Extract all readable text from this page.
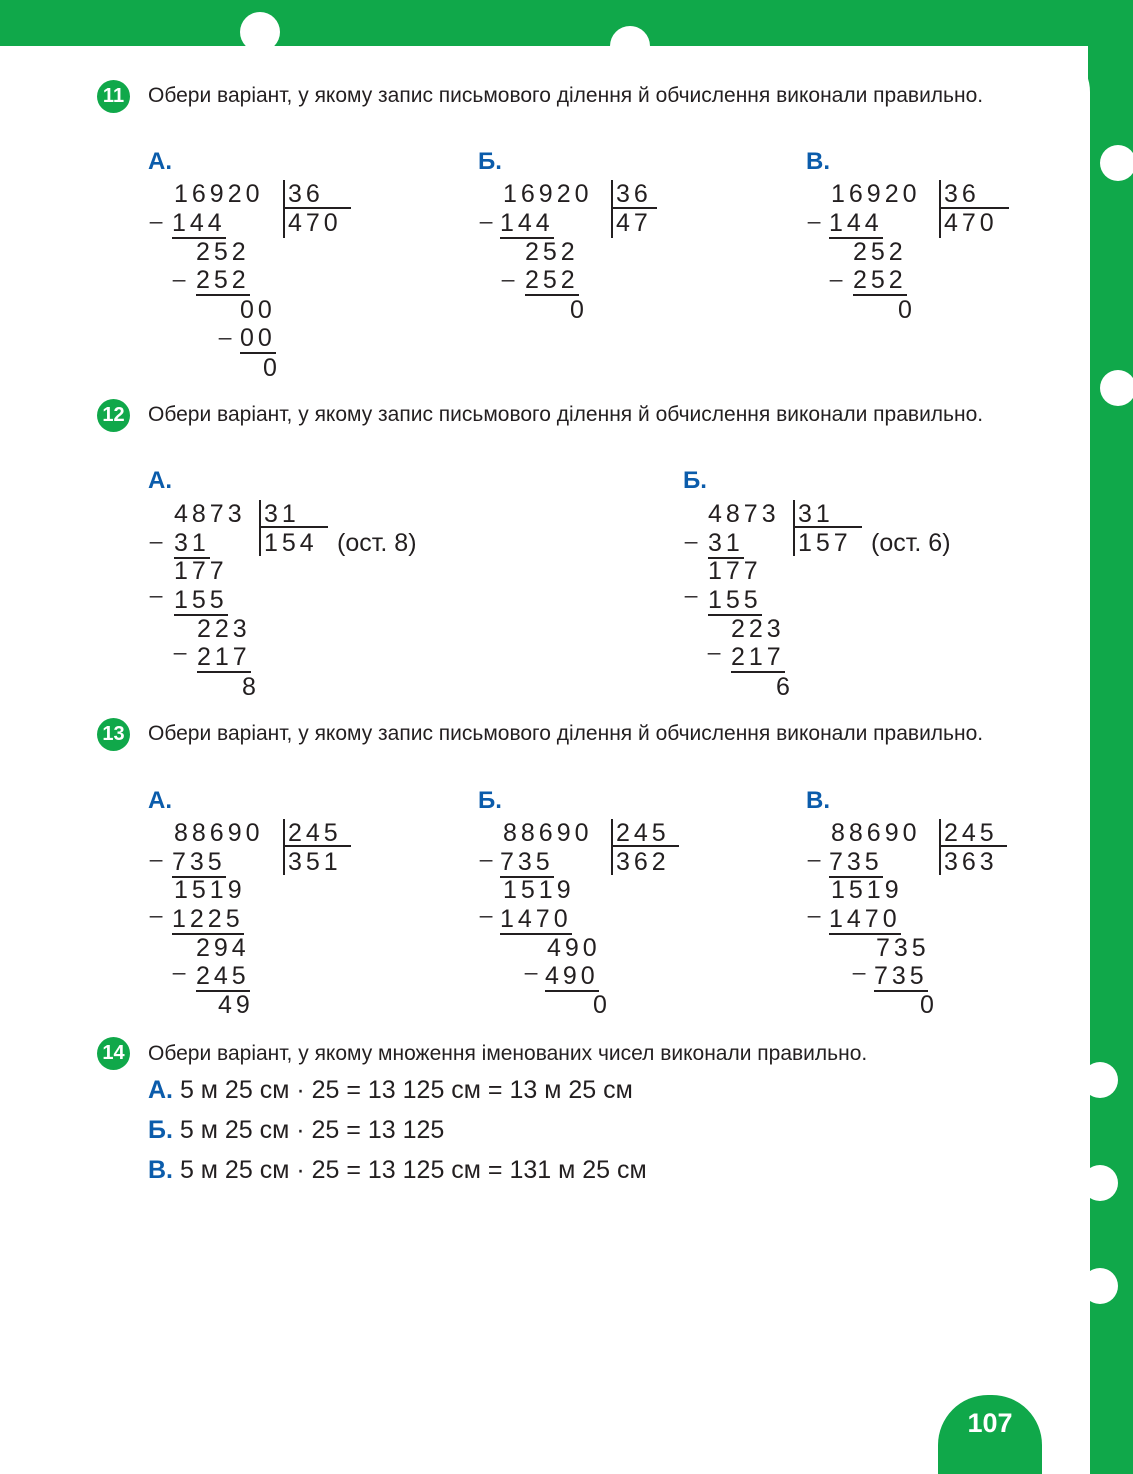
11 Обери варіант, у якому запис письмового ділення й обчислення виконали правильно.
А.
_
16920 36
470
144
252
_ 252
00
_ 00
0
Б.
_
16920 36
47
144
252
_ 252
0
В.
_
16920 36
470
144
252
_ 252
0
12 Обери варіант, у якому запис письмового ділення й обчислення виконали правильно.
А.
_
4873 31
154 (ост. 8)
31
_
177
155
223
_
217
8
Б.
_
4873 31
157 (ост. 6)
31
_
177
155
223
_
217
6
13 Обери варіант, у якому запис письмового ділення й обчислення виконали правильно.
А.
_
88690 245
351
735
_
1519
1225
294
_ 245
49
Б.
_
88690 245
362
735
_
1519
1470
490
_ 490
0
В.
_
88690 245
363
735
_
1519
1470
735
_ 735
0
14 Обери варіант, у якому множення іменованих чисел виконали правильно.
А. 5 м 25 см · 25 = 13 125 см = 13 м 25 см
Б. 5 м 25 см · 25 = 13 125
В. 5 м 25 см · 25 = 13 125 см = 131 м 25 см
107
